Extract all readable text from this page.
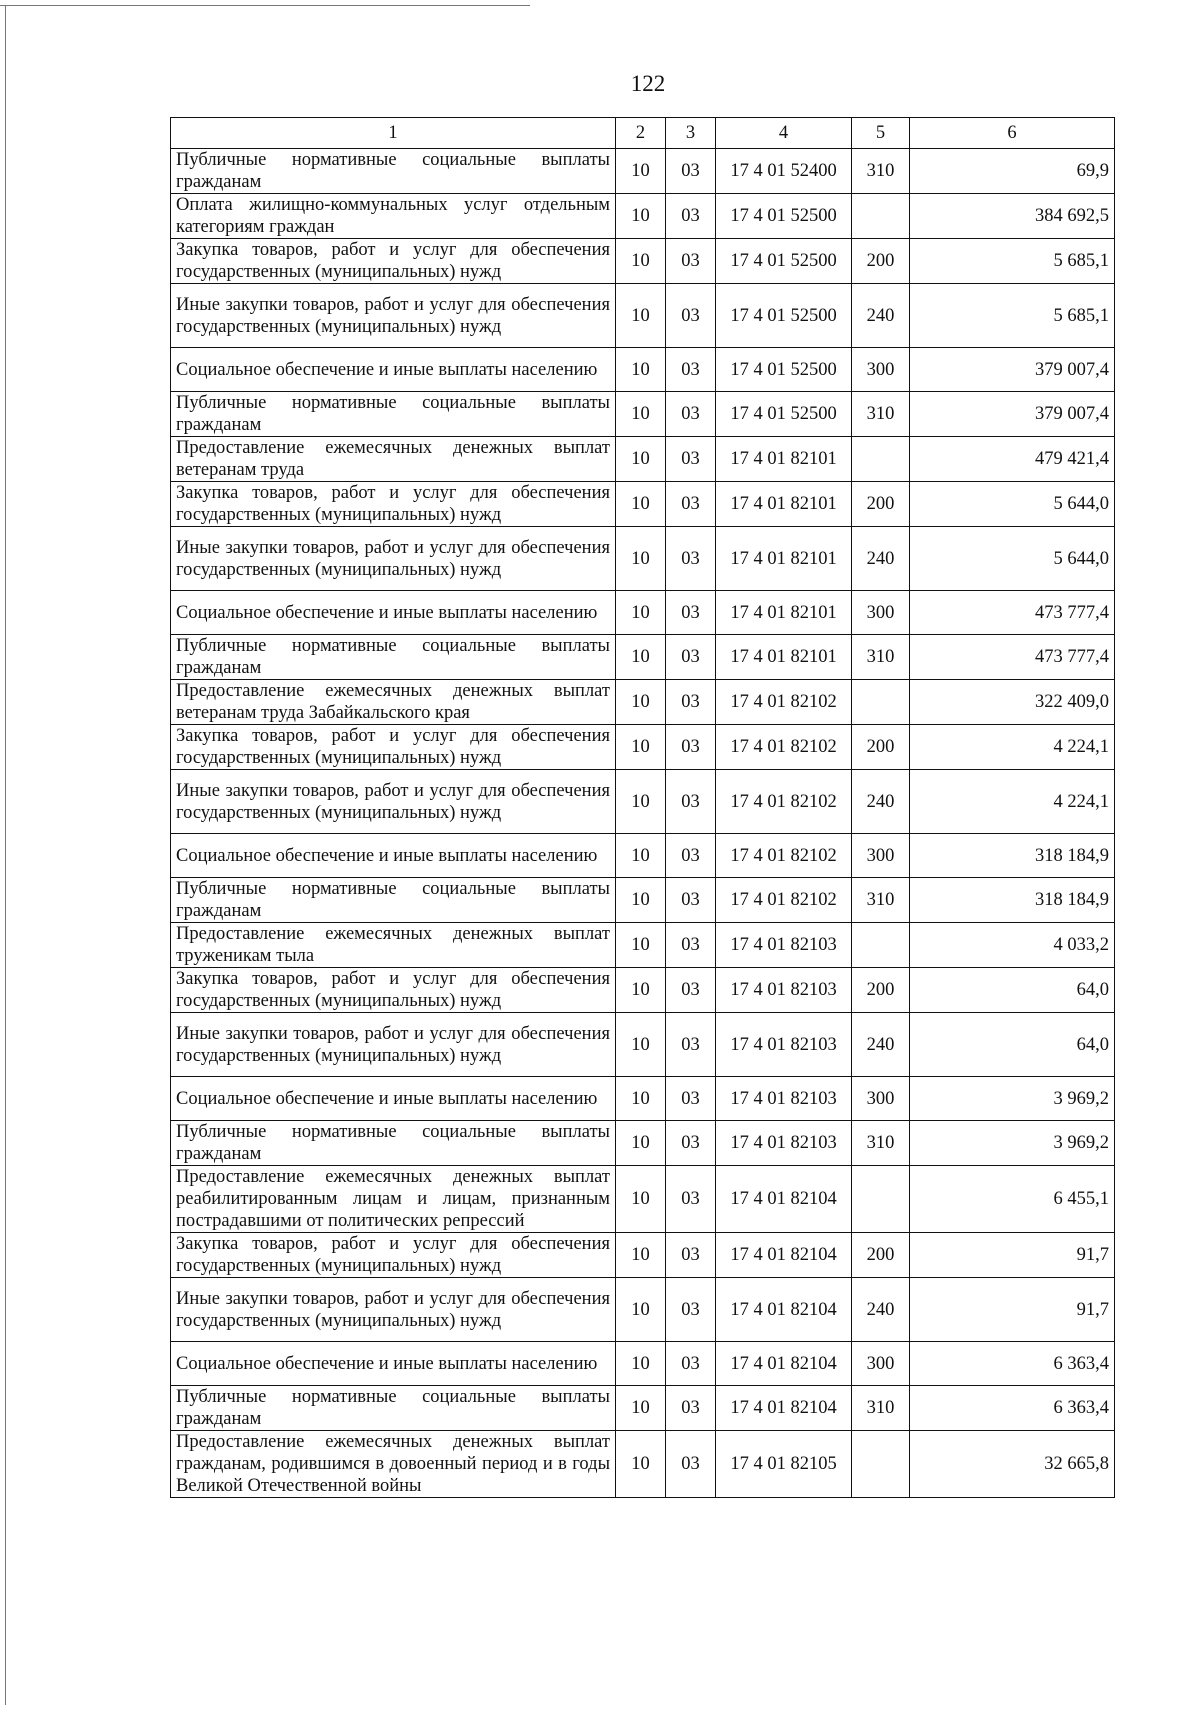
122
1	2	3	4	5	6
Публичные нормативные социальные выплаты гражданам	10	03	17 4 01 52400	310	69,9
Оплата жилищно-коммунальных услуг отдельным категориям граждан	10	03	17 4 01 52500		384 692,5
Закупка товаров, работ и услуг для обеспечения государственных (муниципальных) нужд	10	03	17 4 01 52500	200	5 685,1
Иные закупки товаров, работ и услуг для обеспечения государственных (муниципальных) нужд	10	03	17 4 01 52500	240	5 685,1
Социальное обеспечение и иные выплаты населению	10	03	17 4 01 52500	300	379 007,4
Публичные нормативные социальные выплаты гражданам	10	03	17 4 01 52500	310	379 007,4
Предоставление ежемесячных денежных выплат ветеранам труда	10	03	17 4 01 82101		479 421,4
Закупка товаров, работ и услуг для обеспечения государственных (муниципальных) нужд	10	03	17 4 01 82101	200	5 644,0
Иные закупки товаров, работ и услуг для обеспечения государственных (муниципальных) нужд	10	03	17 4 01 82101	240	5 644,0
Социальное обеспечение и иные выплаты населению	10	03	17 4 01 82101	300	473 777,4
Публичные нормативные социальные выплаты гражданам	10	03	17 4 01 82101	310	473 777,4
Предоставление ежемесячных денежных выплат ветеранам труда Забайкальского края	10	03	17 4 01 82102		322 409,0
Закупка товаров, работ и услуг для обеспечения государственных (муниципальных) нужд	10	03	17 4 01 82102	200	4 224,1
Иные закупки товаров, работ и услуг для обеспечения государственных (муниципальных) нужд	10	03	17 4 01 82102	240	4 224,1
Социальное обеспечение и иные выплаты населению	10	03	17 4 01 82102	300	318 184,9
Публичные нормативные социальные выплаты гражданам	10	03	17 4 01 82102	310	318 184,9
Предоставление ежемесячных денежных выплат труженикам тыла	10	03	17 4 01 82103		4 033,2
Закупка товаров, работ и услуг для обеспечения государственных (муниципальных) нужд	10	03	17 4 01 82103	200	64,0
Иные закупки товаров, работ и услуг для обеспечения государственных (муниципальных) нужд	10	03	17 4 01 82103	240	64,0
Социальное обеспечение и иные выплаты населению	10	03	17 4 01 82103	300	3 969,2
Публичные нормативные социальные выплаты гражданам	10	03	17 4 01 82103	310	3 969,2
Предоставление ежемесячных денежных выплат реабилитированным лицам и лицам, признанным пострадавшими от политических репрессий	10	03	17 4 01 82104		6 455,1
Закупка товаров, работ и услуг для обеспечения государственных (муниципальных) нужд	10	03	17 4 01 82104	200	91,7
Иные закупки товаров, работ и услуг для обеспечения государственных (муниципальных) нужд	10	03	17 4 01 82104	240	91,7
Социальное обеспечение и иные выплаты населению	10	03	17 4 01 82104	300	6 363,4
Публичные нормативные социальные выплаты гражданам	10	03	17 4 01 82104	310	6 363,4
Предоставление ежемесячных денежных выплат гражданам, родившимся в довоенный период и в годы Великой Отечественной войны	10	03	17 4 01 82105		32 665,8
